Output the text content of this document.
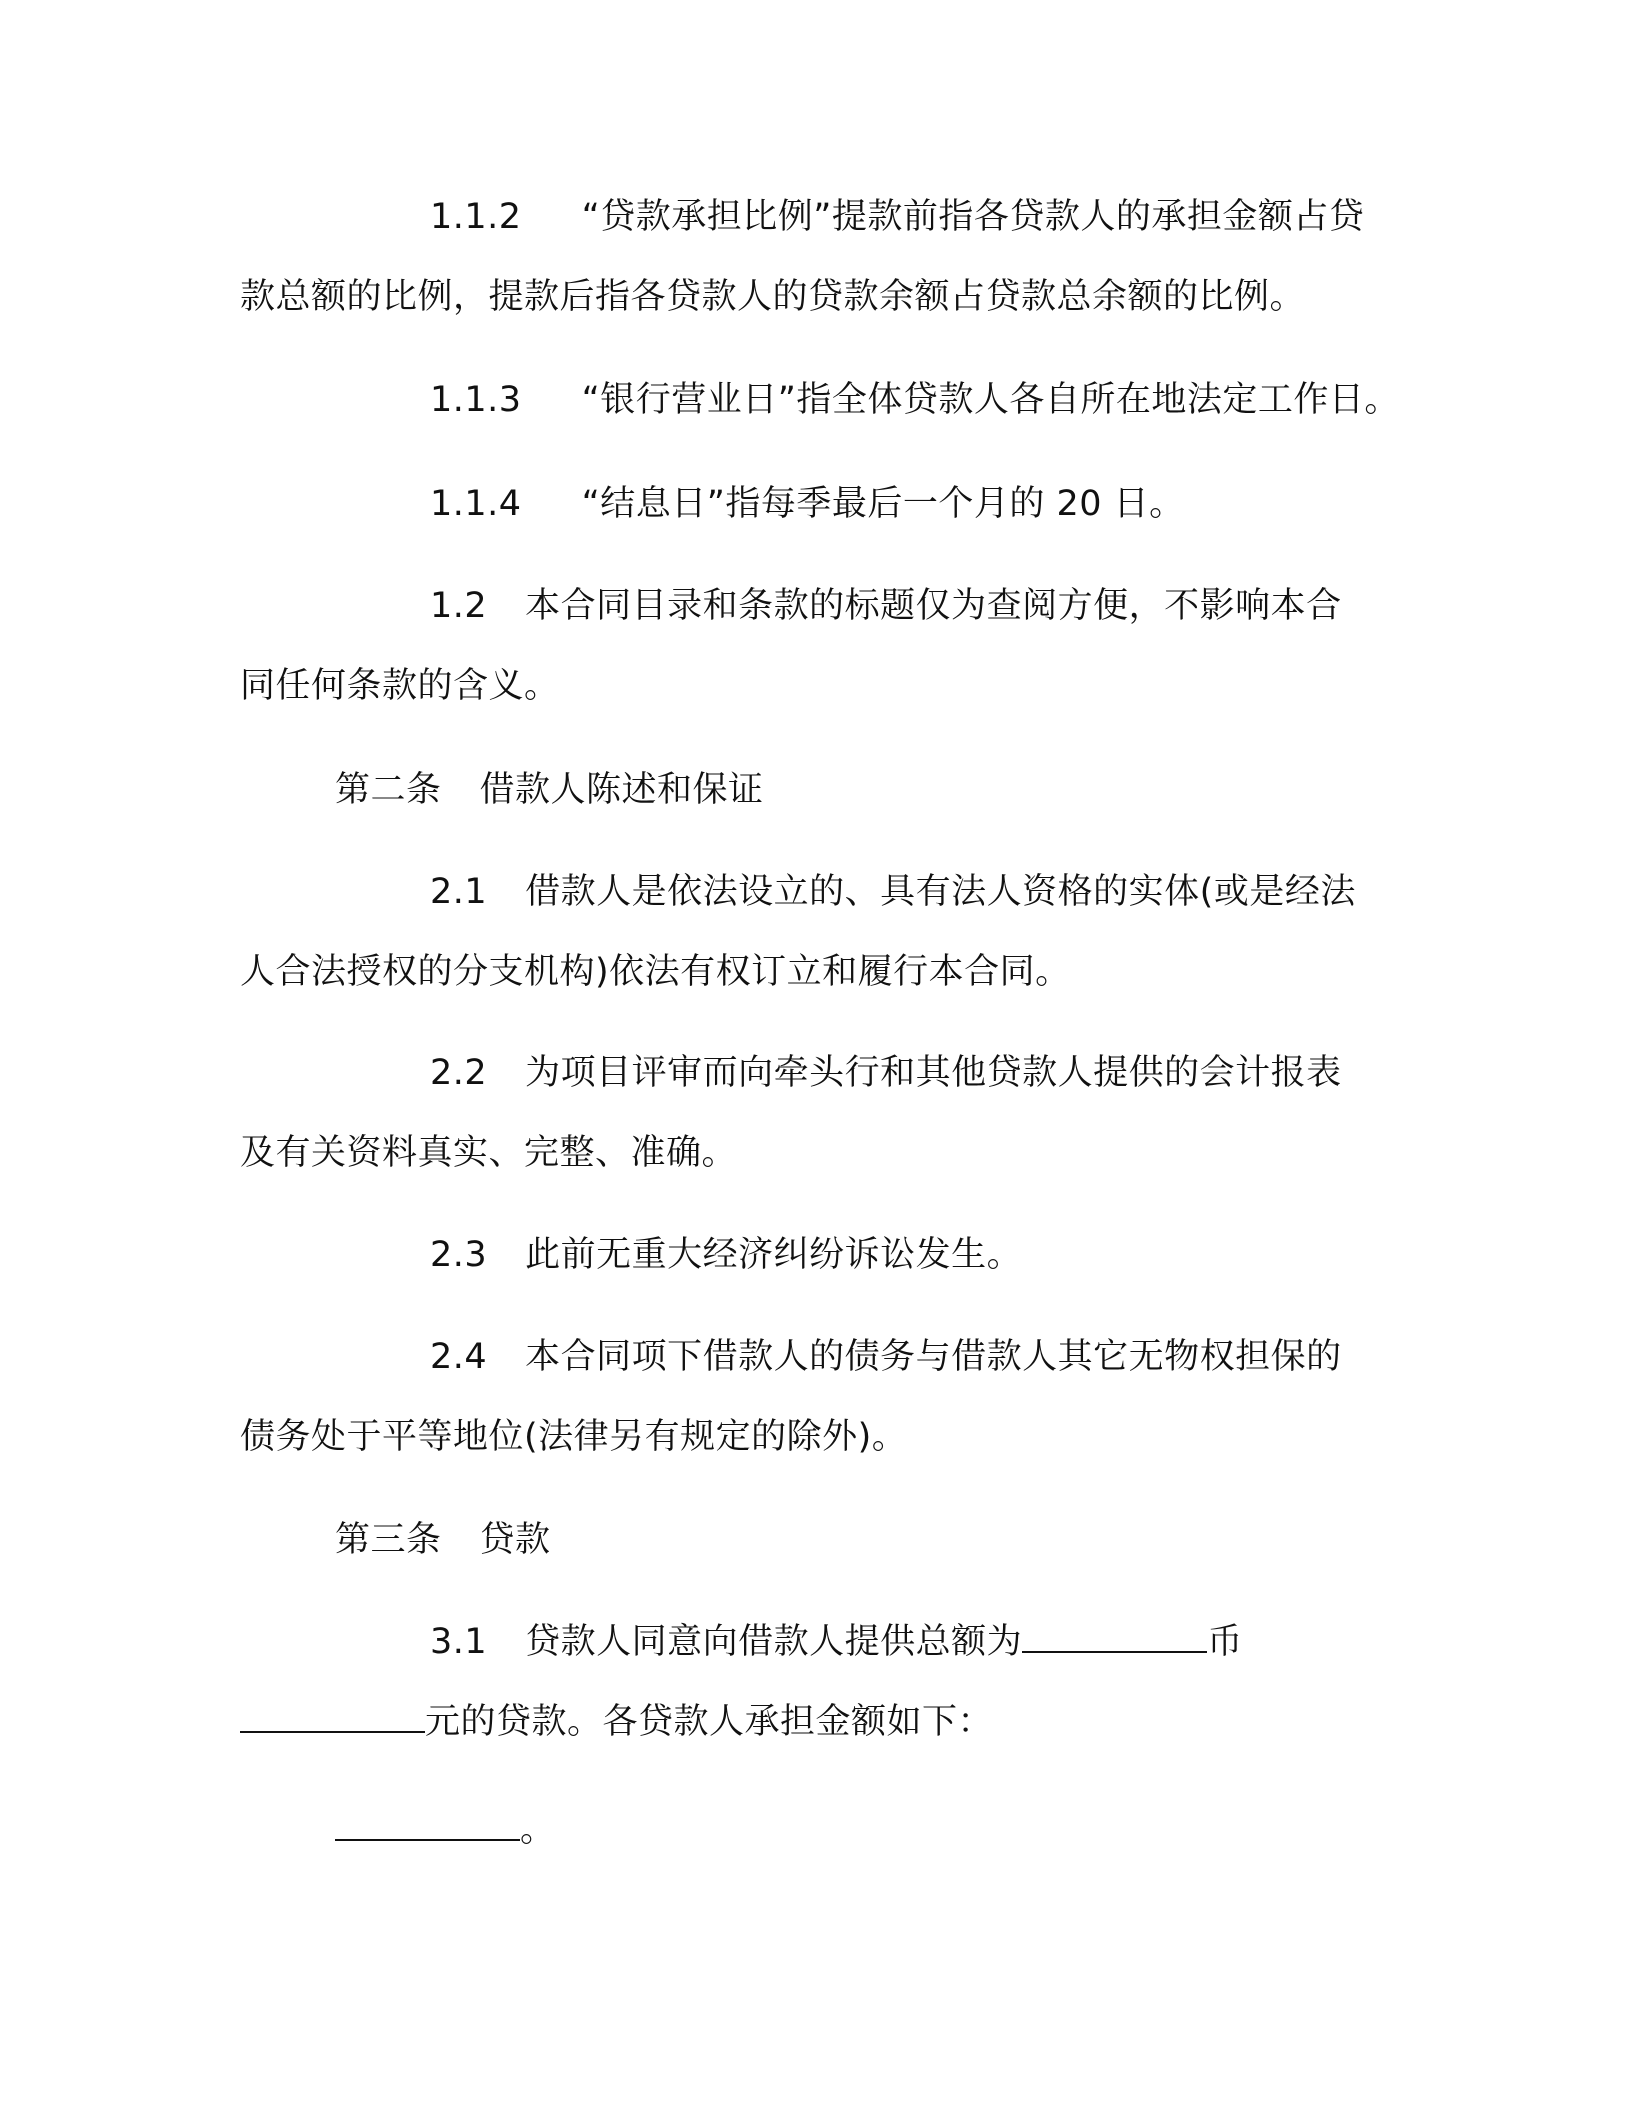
1.1.2 “贷款承担比例”提款前指各贷款人的承担金额占贷款总额的比例，提款后指各贷款人的贷款余额占贷款总余额的比例。
1.1.3 “银行营业日”指全体贷款人各自所在地法定工作日。
1.1.4 “结息日”指每季最后一个月的 20 日。
1.2 本合同目录和条款的标题仅为查阅方便，不影响本合同任何条款的含义。
第二条 借款人陈述和保证
2.1 借款人是依法设立的、具有法人资格的实体(或是经法人合法授权的分支机构)依法有权订立和履行本合同。
2.2 为项目评审而向牵头行和其他贷款人提供的会计报表及有关资料真实、完整、准确。
2.3 此前无重大经济纠纷诉讼发生。
2.4 本合同项下借款人的债务与借款人其它无物权担保的债务处于平等地位(法律另有规定的除外)。
第三条 贷款
3.1 贷款人同意向借款人提供总额为	币元的贷款。各贷款人承担金额如下：
。
